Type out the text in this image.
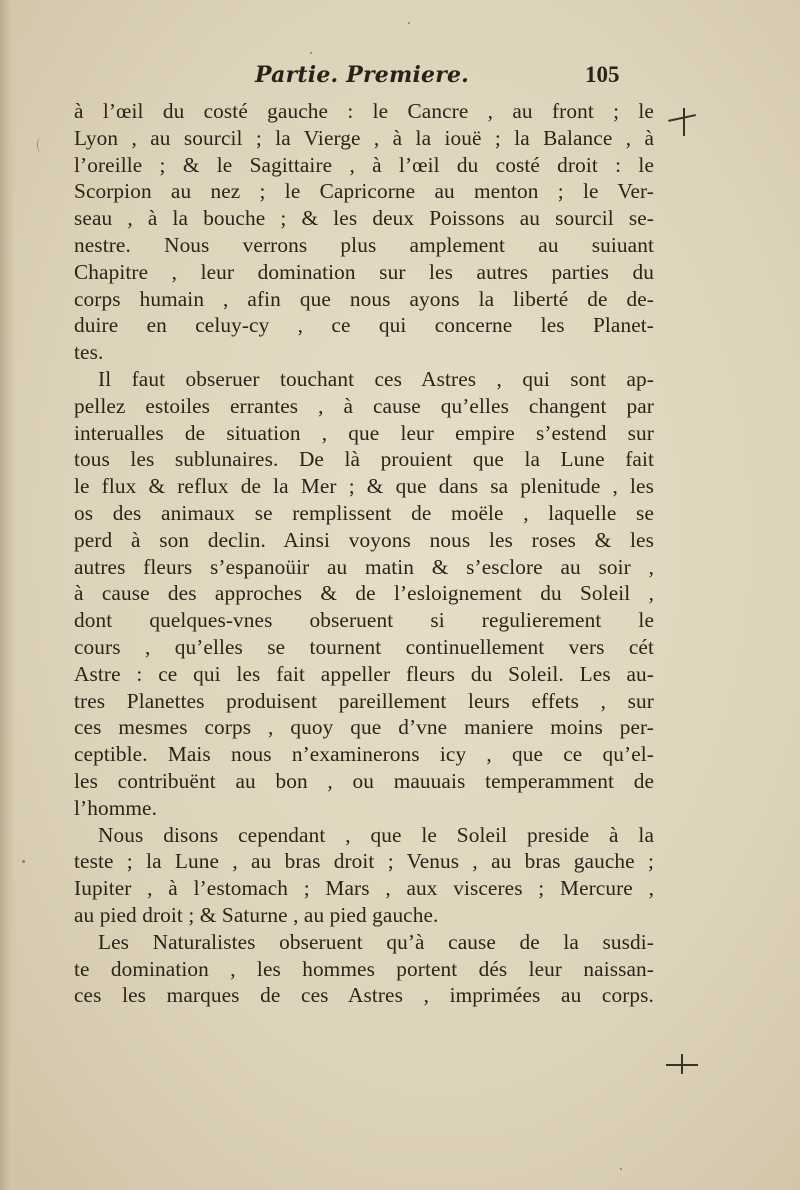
Partie. Premiere.	105
à l’œil du costé gauche : le Cancre , au front ; le
Lyon , au sourcil ; la Vierge , à la iouë ; la Balance , à
l’oreille ; & le Sagittaire , à l’œil du costé droit : le
Scorpion au nez ; le Capricorne au menton ; le Ver-
seau , à la bouche ; & les deux Poissons au sourcil se-
nestre. Nous verrons plus amplement au suiuant
Chapitre , leur domination sur les autres parties du
corps humain , afin que nous ayons la liberté de de-
duire en celuy-cy , ce qui concerne les Planet-
tes.
Il faut obseruer touchant ces Astres , qui sont ap-
pellez estoiles errantes , à cause qu’elles changent par
interualles de situation , que leur empire s’estend sur
tous les sublunaires. De là prouient que la Lune fait
le flux & reflux de la Mer ; & que dans sa plenitude , les
os des animaux se remplissent de moële , laquelle se
perd à son declin. Ainsi voyons nous les roses & les
autres fleurs s’espanoüir au matin & s’esclore au soir ,
à cause des approches & de l’esloignement du Soleil ,
dont quelques-vnes obseruent si regulierement le
cours , qu’elles se tournent continuellement vers cét
Astre : ce qui les fait appeller fleurs du Soleil. Les au-
tres Planettes produisent pareillement leurs effets , sur
ces mesmes corps , quoy que d’vne maniere moins per-
ceptible. Mais nous n’examinerons icy , que ce qu’el-
les contribuënt au bon , ou mauuais temperamment de
l’homme.
Nous disons cependant , que le Soleil preside à la
teste ; la Lune , au bras droit ; Venus , au bras gauche ;
Iupiter , à l’estomach ; Mars , aux visceres ; Mercure ,
au pied droit ; & Saturne , au pied gauche.
Les Naturalistes obseruent qu’à cause de la susdi-
te domination , les hommes portent dés leur naissan-
ces les marques de ces Astres , imprimées au corps.
